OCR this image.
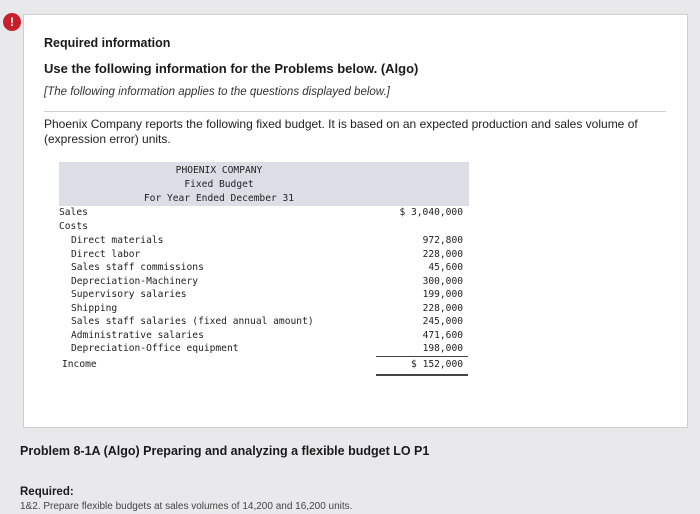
!
Required information
Use the following information for the Problems below. (Algo)
[The following information applies to the questions displayed below.]
Phoenix Company reports the following fixed budget. It is based on an expected production and sales volume of (expression error) units.
PHOENIX COMPANY
Fixed Budget
For Year Ended December 31
Sales	$ 3,040,000
Costs
Direct materials	972,800
Direct labor	228,000
Sales staff commissions	45,600
Depreciation-Machinery	300,000
Supervisory salaries	199,000
Shipping	228,000
Sales staff salaries (fixed annual amount)	245,000
Administrative salaries	471,600
Depreciation-Office equipment	198,000
Income	$ 152,000
Problem 8-1A (Algo) Preparing and analyzing a flexible budget LO P1
Required:
1&2. Prepare flexible budgets at sales volumes of 14,200 and 16,200 units.
